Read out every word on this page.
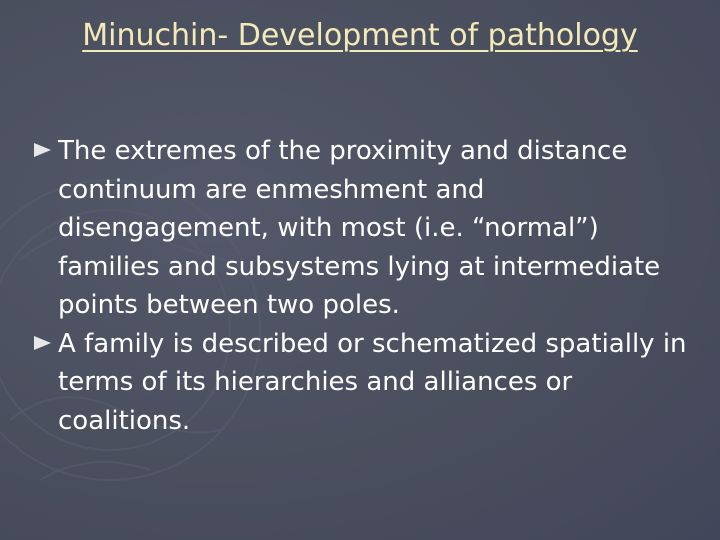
Minuchin- Development of pathology
The extremes of the proximity and distance continuum are enmeshment and disengagement, with most (i.e. “normal”) families and subsystems lying at intermediate points between two poles.
A family is described or schematized spatially in terms of its hierarchies and alliances or coalitions.
